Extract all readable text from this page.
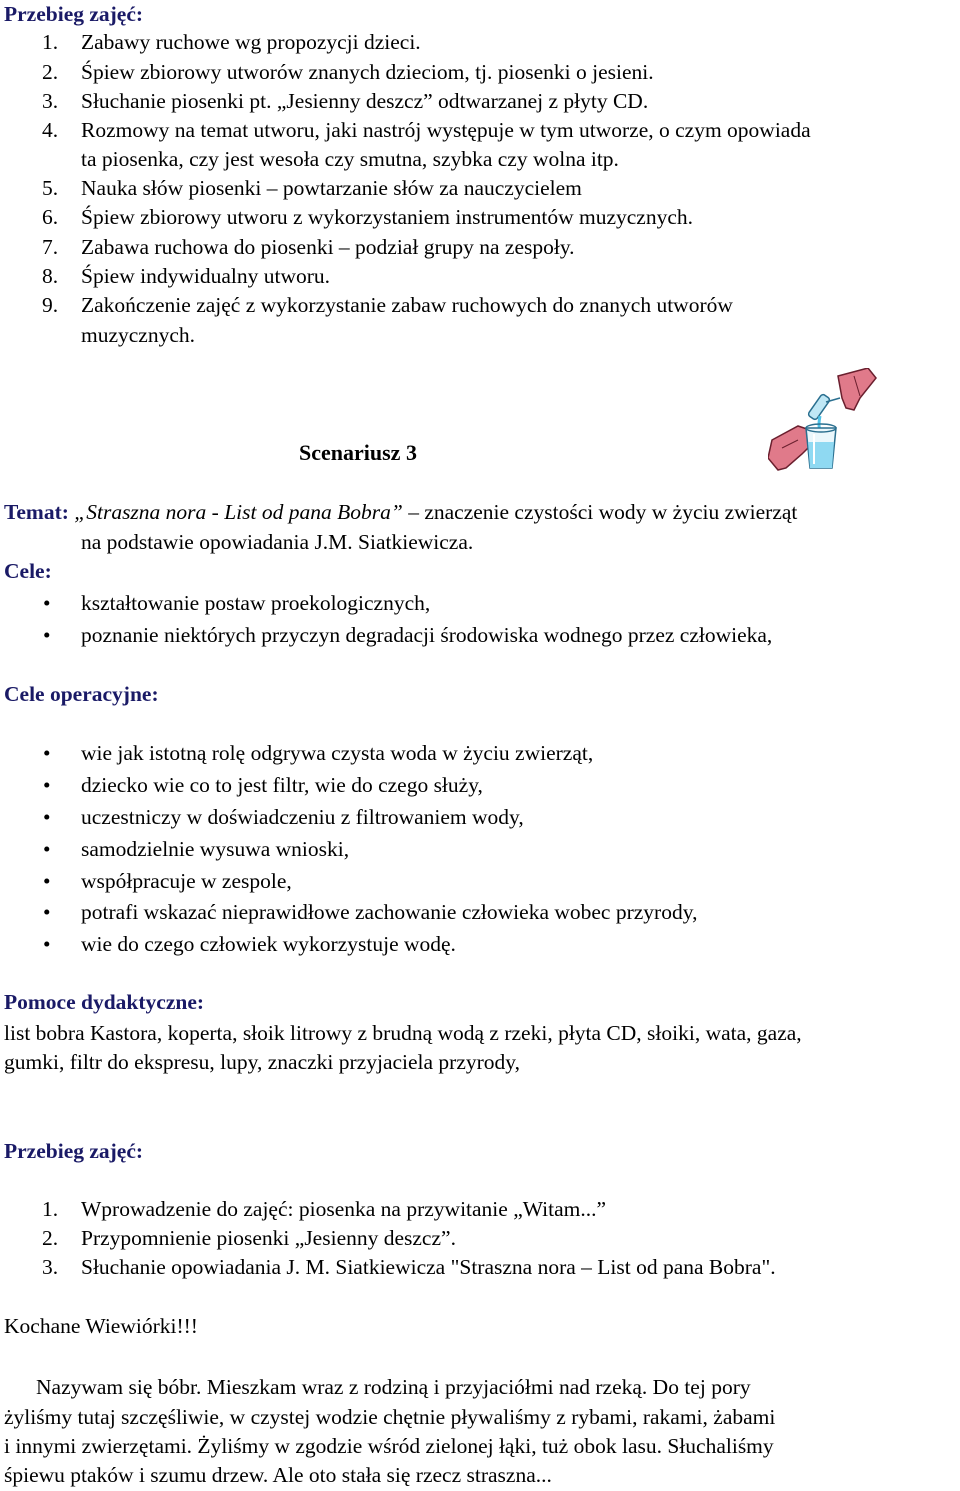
Przebieg zajęć:
1. Zabawy ruchowe wg propozycji dzieci.
2. Śpiew zbiorowy utworów znanych dzieciom, tj. piosenki o jesieni.
3. Słuchanie piosenki pt. „Jesienny deszcz” odtwarzanej z płyty CD.
4. Rozmowy na temat utworu, jaki nastrój występuje w tym utworze, o czym opowiada
ta piosenka, czy jest wesoła czy smutna, szybka czy wolna itp.
5. Nauka słów piosenki – powtarzanie słów za nauczycielem
6. Śpiew zbiorowy utworu z wykorzystaniem instrumentów muzycznych.
7. Zabawa ruchowa do piosenki – podział grupy na zespoły.
8. Śpiew indywidualny utworu.
9. Zakończenie zajęć z wykorzystanie zabaw ruchowych do znanych utworów
muzycznych.
Scenariusz 3
Temat: „Straszna nora - List od pana Bobra” – znaczenie czystości wody w życiu zwierząt
na podstawie opowiadania J.M. Siatkiewicza.
Cele:
• kształtowanie postaw proekologicznych,
• poznanie niektórych przyczyn degradacji środowiska wodnego przez człowieka,
Cele operacyjne:
• wie jak istotną rolę odgrywa czysta woda w życiu zwierząt,
• dziecko wie co to jest filtr, wie do czego służy,
• uczestniczy w doświadczeniu z filtrowaniem wody,
• samodzielnie wysuwa wnioski,
• współpracuje w zespole,
• potrafi wskazać nieprawidłowe zachowanie człowieka wobec przyrody,
• wie do czego człowiek wykorzystuje wodę.
Pomoce dydaktyczne:
list bobra Kastora, koperta, słoik litrowy z brudną wodą z rzeki, płyta CD, słoiki, wata, gaza,
gumki, filtr do ekspresu, lupy, znaczki przyjaciela przyrody,
Przebieg zajęć:
1. Wprowadzenie do zajęć: piosenka na przywitanie „Witam...”
2. Przypomnienie piosenki „Jesienny deszcz”.
3. Słuchanie opowiadania J. M. Siatkiewicza "Straszna nora – List od pana Bobra".
Kochane Wiewiórki!!!
Nazywam się bóbr. Mieszkam wraz z rodziną i przyjaciółmi nad rzeką. Do tej pory
żyliśmy tutaj szczęśliwie, w czystej wodzie chętnie pływaliśmy z rybami, rakami, żabami
i innymi zwierzętami. Żyliśmy w zgodzie wśród zielonej łąki, tuż obok lasu. Słuchaliśmy
śpiewu ptaków i szumu drzew. Ale oto stała się rzecz straszna...
